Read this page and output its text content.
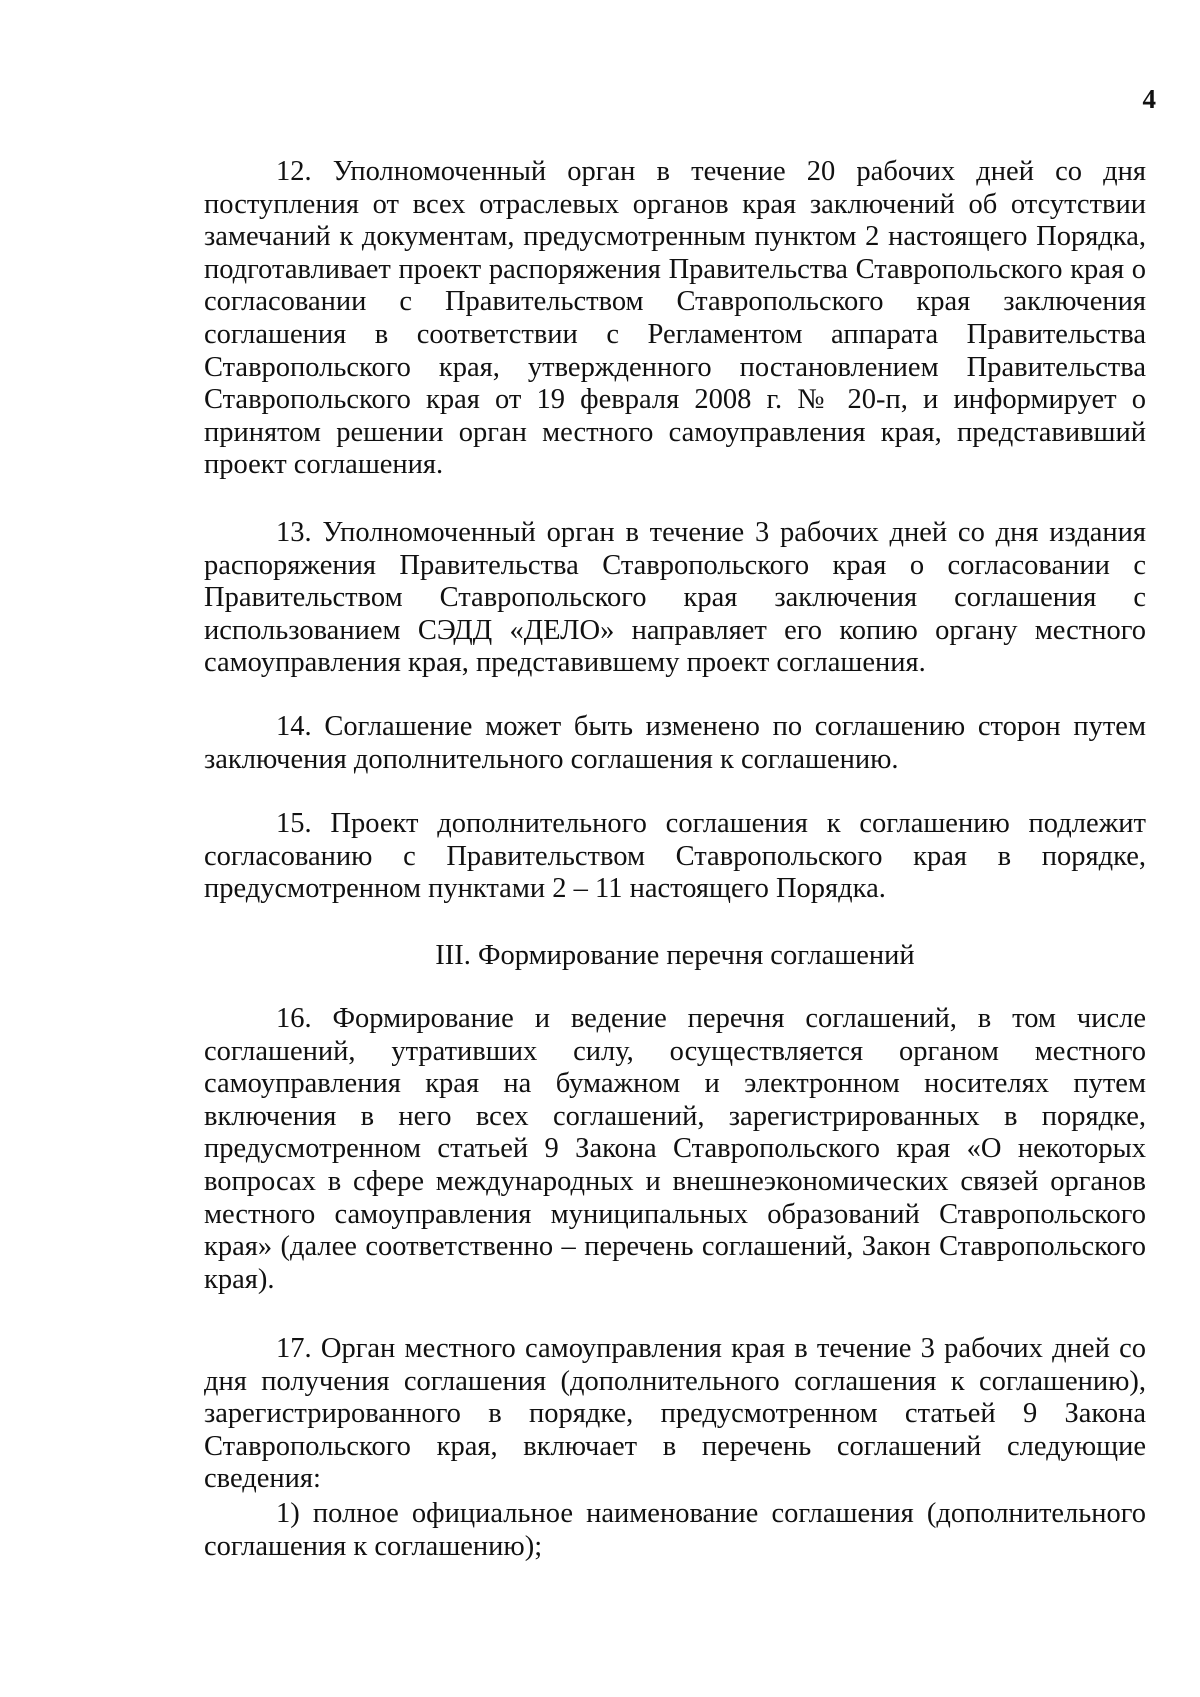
4

12. Уполномоченный орган в течение 20 рабочих дней со дня поступления от всех отраслевых органов края заключений об отсутствии замечаний к документам, предусмотренным пунктом 2 настоящего Порядка, подготавливает проект распоряжения Правительства Ставропольского края о согласовании с Правительством Ставропольского края заключения соглашения в соответствии с Регламентом аппарата Правительства Ставропольского края, утвержденного постановлением Правительства Ставропольского края от 19 февраля 2008 г. № 20-п, и информирует о принятом решении орган местного самоуправления края, представивший проект соглашения.

13. Уполномоченный орган в течение 3 рабочих дней со дня издания распоряжения Правительства Ставропольского края о согласовании с Правительством Ставропольского края заключения соглашения с использованием СЭДД «ДЕЛО» направляет его копию органу местного самоуправления края, представившему проект соглашения.

14. Соглашение может быть изменено по соглашению сторон путем заключения дополнительного соглашения к соглашению.

15. Проект дополнительного соглашения к соглашению подлежит согласованию с Правительством Ставропольского края в порядке, предусмотренном пунктами 2 – 11 настоящего Порядка.

III. Формирование перечня соглашений

16. Формирование и ведение перечня соглашений, в том числе соглашений, утративших силу, осуществляется органом местного самоуправления края на бумажном и электронном носителях путем включения в него всех соглашений, зарегистрированных в порядке, предусмотренном статьей 9 Закона Ставропольского края «О некоторых вопросах в сфере международных и внешнеэкономических связей органов местного самоуправления муниципальных образований Ставропольского края» (далее соответственно – перечень соглашений, Закон Ставропольского края).

17. Орган местного самоуправления края в течение 3 рабочих дней со дня получения соглашения (дополнительного соглашения к соглашению), зарегистрированного в порядке, предусмотренном статьей 9 Закона Ставропольского края, включает в перечень соглашений следующие сведения:

1) полное официальное наименование соглашения (дополнительного соглашения к соглашению);
